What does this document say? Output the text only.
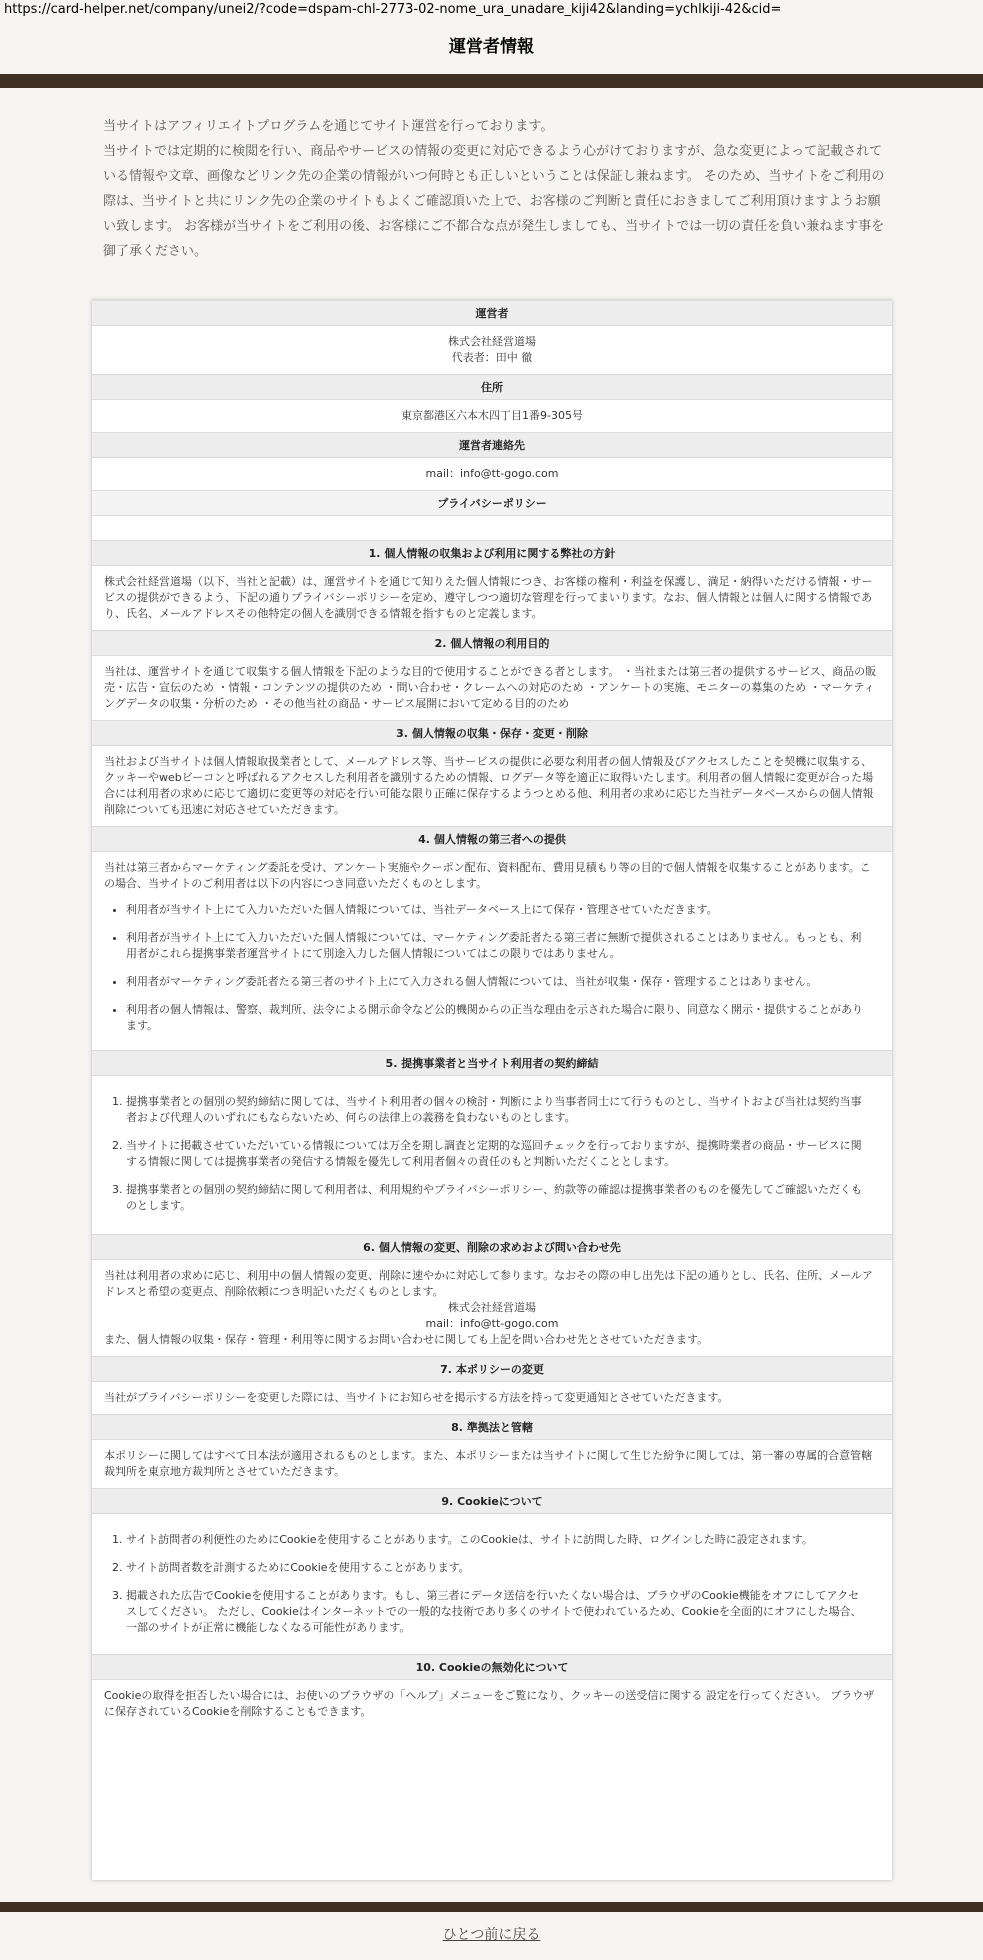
https://card-helper.net/company/unei2/?code=dspam-chl-2773-02-nome_ura_unadare_kiji42&landing=ychlkiji-42&cid=
運営者情報

当サイトはアフィリエイトプログラムを通じてサイト運営を行っております。

当サイトでは定期的に検閲を行い、商品やサービスの情報の変更に対応できるよう心がけておりますが、急な変更によって記載されている情報や文章、画像などリンク先の企業の情報がいつ何時とも正しいということは保証し兼ねます。 そのため、当サイトをご利用の際は、当サイトと共にリンク先の企業のサイトもよくご確認頂いた上で、お客様のご判断と責任におきましてご利用頂けますようお願い致します。 お客様が当サイトをご利用の後、お客様にご不都合な点が発生しましても、当サイトでは一切の責任を負い兼ねます事を御了承ください。

運営者
株式会社経営道場
代表者：田中 徹
住所
東京都港区六本木四丁目1番9-305号
運営者連絡先
mail：info@tt-gogo.com
プライバシーポリシー
1. 個人情報の収集および利用に関する弊社の方針
株式会社経営道場（以下、当社と記載）は、運営サイトを通じて知りえた個人情報につき、お客様の権利・利益を保護し、満足・納得いただける情報・サービスの提供ができるよう、下記の通りプライバシーポリシーを定め、遵守しつつ適切な管理を行ってまいります。なお、個人情報とは個人に関する情報であり、氏名、メールアドレスその他特定の個人を識別できる情報を指すものと定義します。
2. 個人情報の利用目的
当社は、運営サイトを通じて収集する個人情報を下記のような目的で使用することができる者とします。 ・当社または第三者の提供するサービス、商品の販売・広告・宣伝のため ・情報・コンテンツの提供のため ・問い合わせ・クレームへの対応のため ・アンケートの実施、モニターの募集のため ・マーケティングデータの収集・分析のため ・その他当社の商品・サービス展開において定める目的のため
3. 個人情報の収集・保存・変更・削除
当社および当サイトは個人情報取扱業者として、メールアドレス等、当サービスの提供に必要な利用者の個人情報及びアクセスしたことを契機に収集する、クッキーやwebビーコンと呼ばれるアクセスした利用者を識別するための情報、ログデータ等を適正に取得いたします。利用者の個人情報に変更が合った場合には利用者の求めに応じて適切に変更等の対応を行い可能な限り正確に保存するようつとめる他、利用者の求めに応じた当社データベースからの個人情報削除についても迅速に対応させていただきます。
4. 個人情報の第三者への提供

当社は第三者からマーケティング委託を受け、アンケート実施やクーポン配布、資料配布、費用見積もり等の目的で個人情報を収集することがあります。この場合、当サイトのご利用者は以下の内容につき同意いただくものとします。

• 利用者が当サイト上にて入力いただいた個人情報については、当社データベース上にて保存・管理させていただきます。
• 利用者が当サイト上にて入力いただいた個人情報については、マーケティング委託者たる第三者に無断で提供されることはありません。もっとも、利用者がこれら提携事業者運営サイトにて別途入力した個人情報についてはこの限りではありません。
• 利用者がマーケティング委託者たる第三者のサイト上にて入力される個人情報については、当社が収集・保存・管理することはありません。
• 利用者の個人情報は、警察、裁判所、法令による開示命令など公的機関からの正当な理由を示された場合に限り、同意なく開示・提供することがあります。
5. 提携事業者と当サイト利用者の契約締結
1. 提携事業者との個別の契約締結に関しては、当サイト利用者の個々の検討・判断により当事者同士にて行うものとし、当サイトおよび当社は契約当事者および代理人のいずれにもならないため、何らの法律上の義務を負わないものとします。
2. 当サイトに掲載させていただいている情報については万全を期し調査と定期的な巡回チェックを行っておりますが、提携時業者の商品・サービスに関する情報に関しては提携事業者の発信する情報を優先して利用者個々の責任のもと判断いただくこととします。
3. 提携事業者との個別の契約締結に関して利用者は、利用規約やプライバシーポリシー、約款等の確認は提携事業者のものを優先してご確認いただくものとします。
6. 個人情報の変更、削除の求めおよび問い合わせ先

当社は利用者の求めに応じ、利用中の個人情報の変更、削除に速やかに対応して参ります。なおその際の申し出先は下記の通りとし、氏名、住所、メールアドレスと希望の変更点、削除依頼につき明記いただくものとします。

株式会社経営道場
mail：info@tt-gogo.com

また、個人情報の収集・保存・管理・利用等に関するお問い合わせに関しても上記を問い合わせ先とさせていただきます。

7. 本ポリシーの変更
当社がプライバシーポリシーを変更した際には、当サイトにお知らせを掲示する方法を持って変更通知とさせていただきます。
8. 準拠法と管轄
本ポリシーに関してはすべて日本法が適用されるものとします。また、本ポリシーまたは当サイトに関して生じた紛争に関しては、第一審の専属的合意管轄裁判所を東京地方裁判所とさせていただきます。
9. Cookieについて
1. サイト訪問者の利便性のためにCookieを使用することがあります。このCookieは、サイトに訪問した時、ログインした時に設定されます。
2. サイト訪問者数を計測するためにCookieを使用することがあります。
3. 掲載された広告でCookieを使用することがあります。もし、第三者にデータ送信を行いたくない場合は、ブラウザのCookie機能をオフにしてアクセスしてください。 ただし、Cookieはインターネットでの一般的な技術であり多くのサイトで使われているため、Cookieを全面的にオフにした場合、一部のサイトが正常に機能しなくなる可能性があります。
10. Cookieの無効化について
Cookieの取得を拒否したい場合には、お使いのブラウザの「ヘルプ」メニューをご覧になり、クッキーの送受信に関する 設定を行ってください。 ブラウザに保存されているCookieを削除することもできます。
ひとつ前に戻る
